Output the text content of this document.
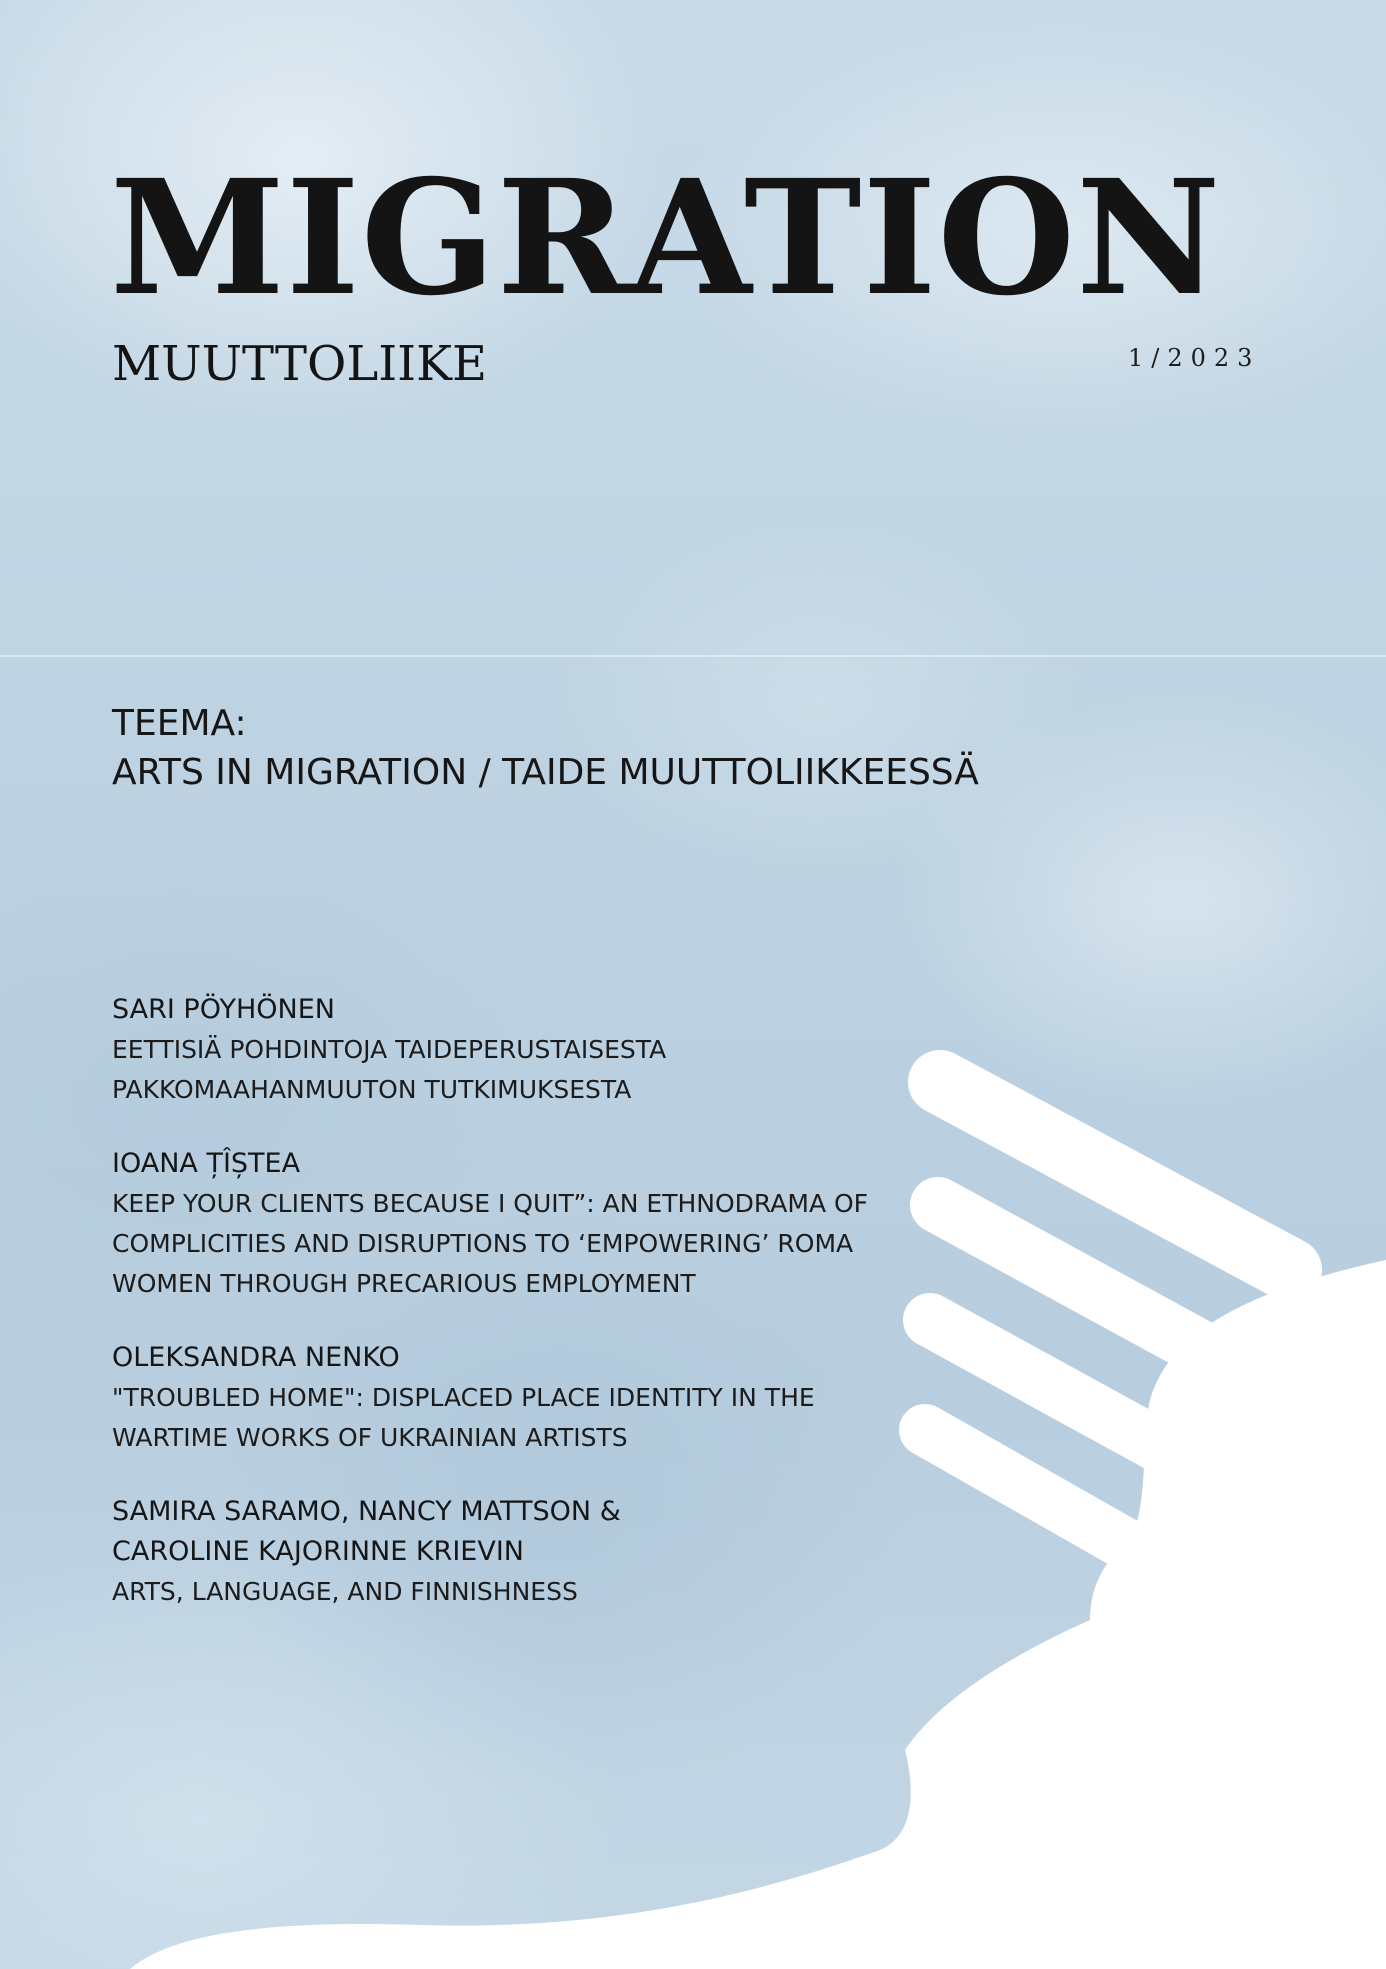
MIGRATION
MUUTTOLIIKE	1/2023
TEEMA:
ARTS IN MIGRATION / TAIDE MUUTTOLIIKKEESSÄ
SARI PÖYHÖNEN
EETTISIÄ POHDINTOJA TAIDEPERUSTAISESTA
PAKKOMAAHANMUUTON TUTKIMUKSESTA
IOANA ȚÎȘTEA
KEEP YOUR CLIENTS BECAUSE I QUIT”: AN ETHNODRAMA OF
COMPLICITIES AND DISRUPTIONS TO ‘EMPOWERING’ ROMA
WOMEN THROUGH PRECARIOUS EMPLOYMENT
OLEKSANDRA NENKO
"TROUBLED HOME": DISPLACED PLACE IDENTITY IN THE
WARTIME WORKS OF UKRAINIAN ARTISTS
SAMIRA SARAMO, NANCY MATTSON &
CAROLINE KAJORINNE KRIEVIN
ARTS, LANGUAGE, AND FINNISHNESS
